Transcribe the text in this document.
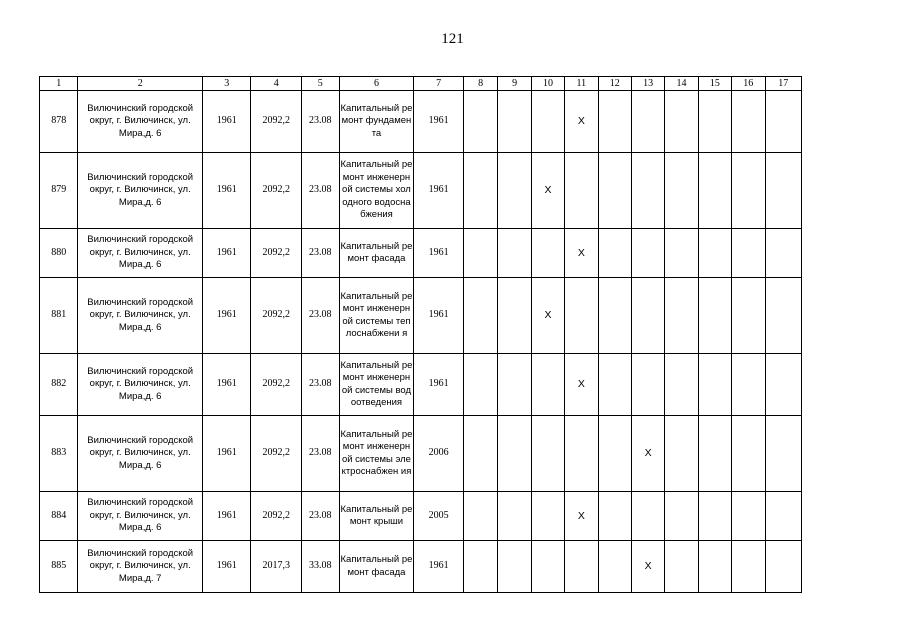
121
1	2	3	4	5	6	7	8	9	10	11	12	13	14	15	16	17
878	Вилючинский городской округ, г. Вилючинск, ул. Мира,д. 6	1961	2092,2	23.08	Капитальный ремонт фундамента	1961				X						
879	Вилючинский городской округ, г. Вилючинск, ул. Мира,д. 6	1961	2092,2	23.08	Капитальный ремонт инженерной системы холодного водоснабжения	1961			X							
880	Вилючинский городской округ, г. Вилючинск, ул. Мира,д. 6	1961	2092,2	23.08	Капитальный ремонт фасада	1961				X						
881	Вилючинский городской округ, г. Вилючинск, ул. Мира,д. 6	1961	2092,2	23.08	Капитальный ремонт инженерной системы теплоснабжени я	1961			X							
882	Вилючинский городской округ, г. Вилючинск, ул. Мира,д. 6	1961	2092,2	23.08	Капитальный ремонт инженерной системы водоотведения	1961				X						
883	Вилючинский городской округ, г. Вилючинск, ул. Мира,д. 6	1961	2092,2	23.08	Капитальный ремонт инженерной системы электроснабжен ия	2006						X				
884	Вилючинский городской округ, г. Вилючинск, ул. Мира,д. 6	1961	2092,2	23.08	Капитальный ремонт крыши	2005				X						
885	Вилючинский городской округ, г. Вилючинск, ул. Мира,д. 7	1961	2017,3	33.08	Капитальный ремонт фасада	1961						X				
